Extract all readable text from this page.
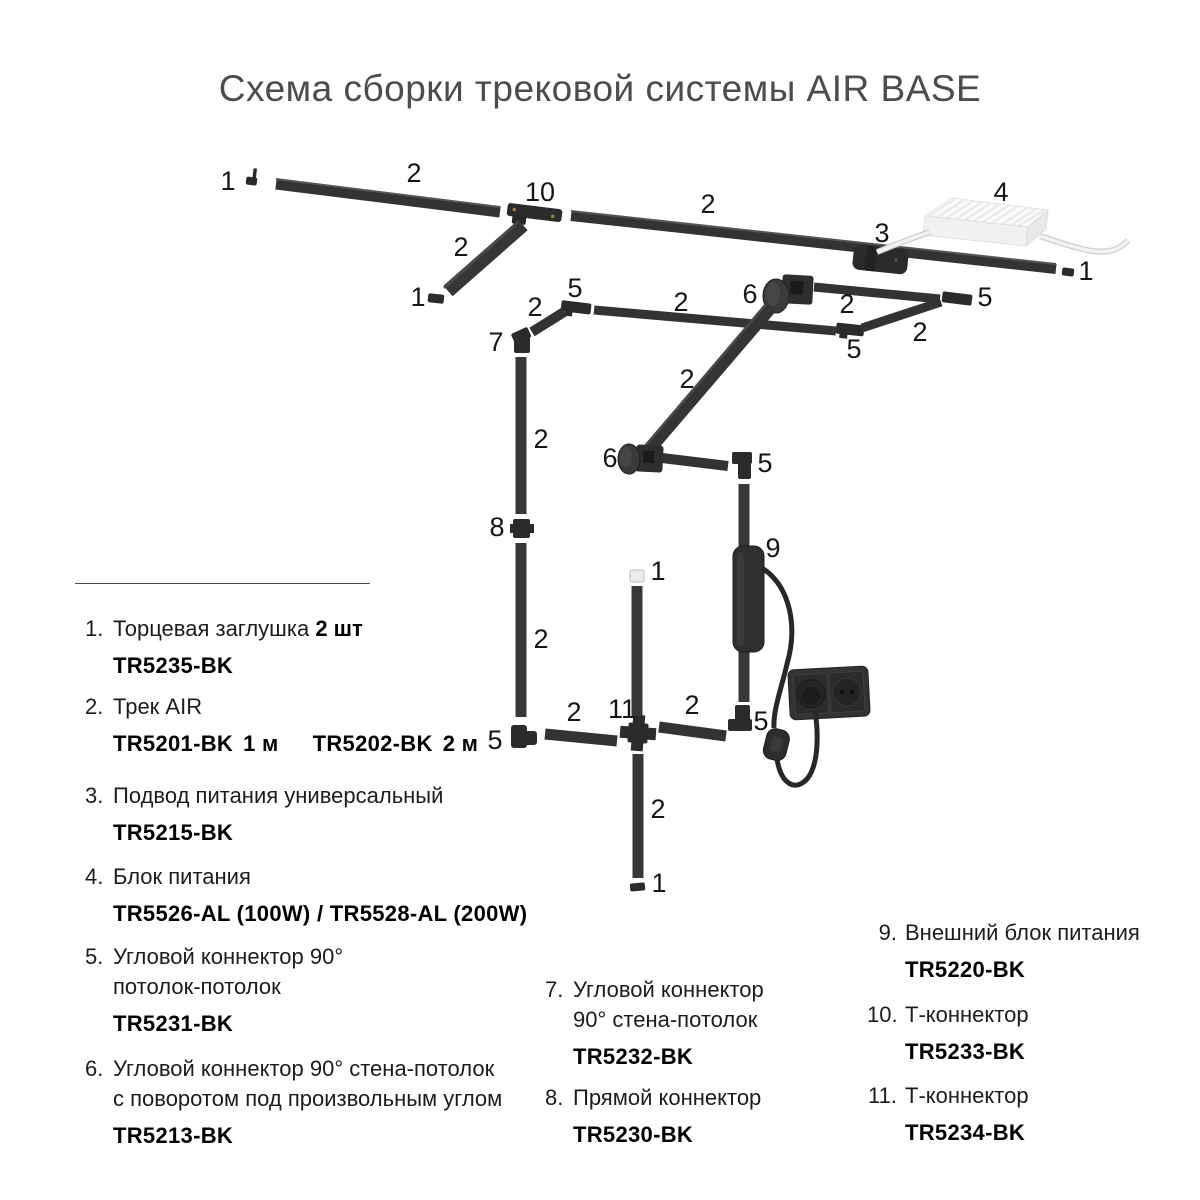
Схема сборки трековой системы AIR BASE
1	2
10	2
3
4
1
2
1	5
2
7
2 6	2	5
2
5
2
6	5
9
2
8
2
5
2 11
1
2
5
2
1
1. Торцевая заглушка 2 шт
TR5235-BK
2. Трек AIR
TR5201-BK 1 м TR5202-BK 2 м
3. Подвод питания универсальный
TR5215-BK
4. Блок питания
TR5526-AL (100W) / TR5528-AL (200W)
5. Угловой коннектор 90°
потолок-потолок
TR5231-BK
6. Угловой коннектор 90° стена-потолок
с поворотом под произвольным углом
TR5213-BK
7. Угловой коннектор
90° стена-потолок
TR5232-BK
8. Прямой коннектор
TR5230-BK
9. Внешний блок питания
TR5220-BK
10. Т-коннектор
TR5233-BK
11. Т-коннектор
TR5234-BK
